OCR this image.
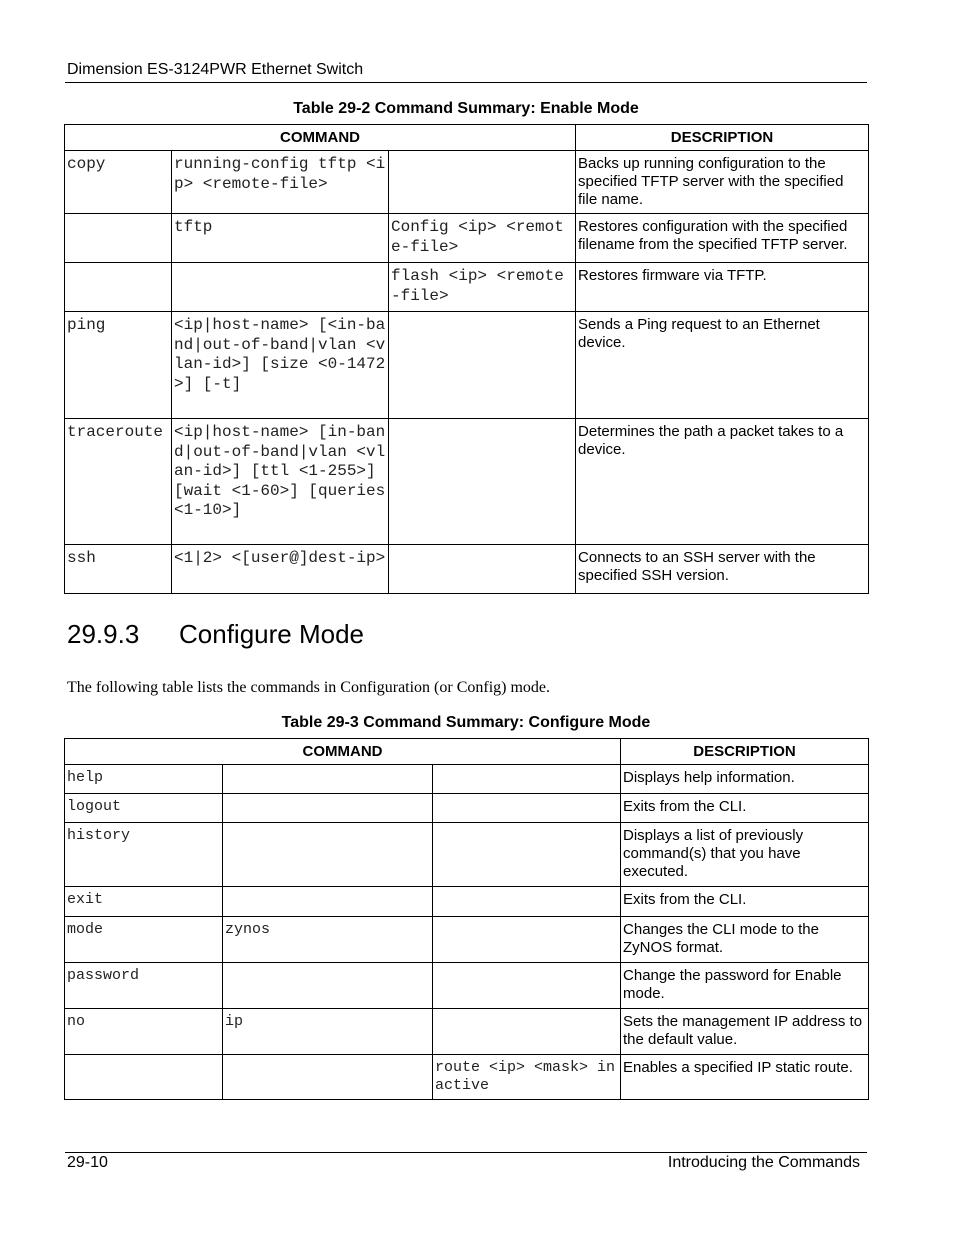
Dimension ES-3124PWR Ethernet Switch
Table 29-2 Command Summary: Enable Mode
COMMAND			DESCRIPTION
copy	running-config tftp <ip> <remote-file>		Backs up running configuration to the specified TFTP server with the specified file name.
	tftp	Config <ip> <remote-file>	Restores configuration with the specified filename from the specified TFTP server.
		flash <ip> <remote-file>	Restores firmware via TFTP.
ping	<ip|host-name> [<in-band|out-of-band|vlan <vlan-id>] [size <0-1472>] [-t]		Sends a Ping request to an Ethernet device.
traceroute	<ip|host-name> [in-band|out-of-band|vlan <vlan-id>] [ttl <1-255>] [wait <1-60>] [queries <1-10>]		Determines the path a packet takes to a device.
ssh	<1|2> <[user@]dest-ip>		Connects to an SSH server with the specified SSH version.
29.9.3 Configure Mode
The following table lists the commands in Configuration (or Config) mode.
Table 29-3 Command Summary: Configure Mode
COMMAND			DESCRIPTION
help			Displays help information.
logout			Exits from the CLI.
history			Displays a list of previously command(s) that you have executed.
exit			Exits from the CLI.
mode	zynos		Changes the CLI mode to the ZyNOS format.
password			Change the password for Enable mode.
no	ip		Sets the management IP address to the default value.
		route <ip> <mask> inactive	Enables a specified IP static route.
29-10	Introducing the Commands
